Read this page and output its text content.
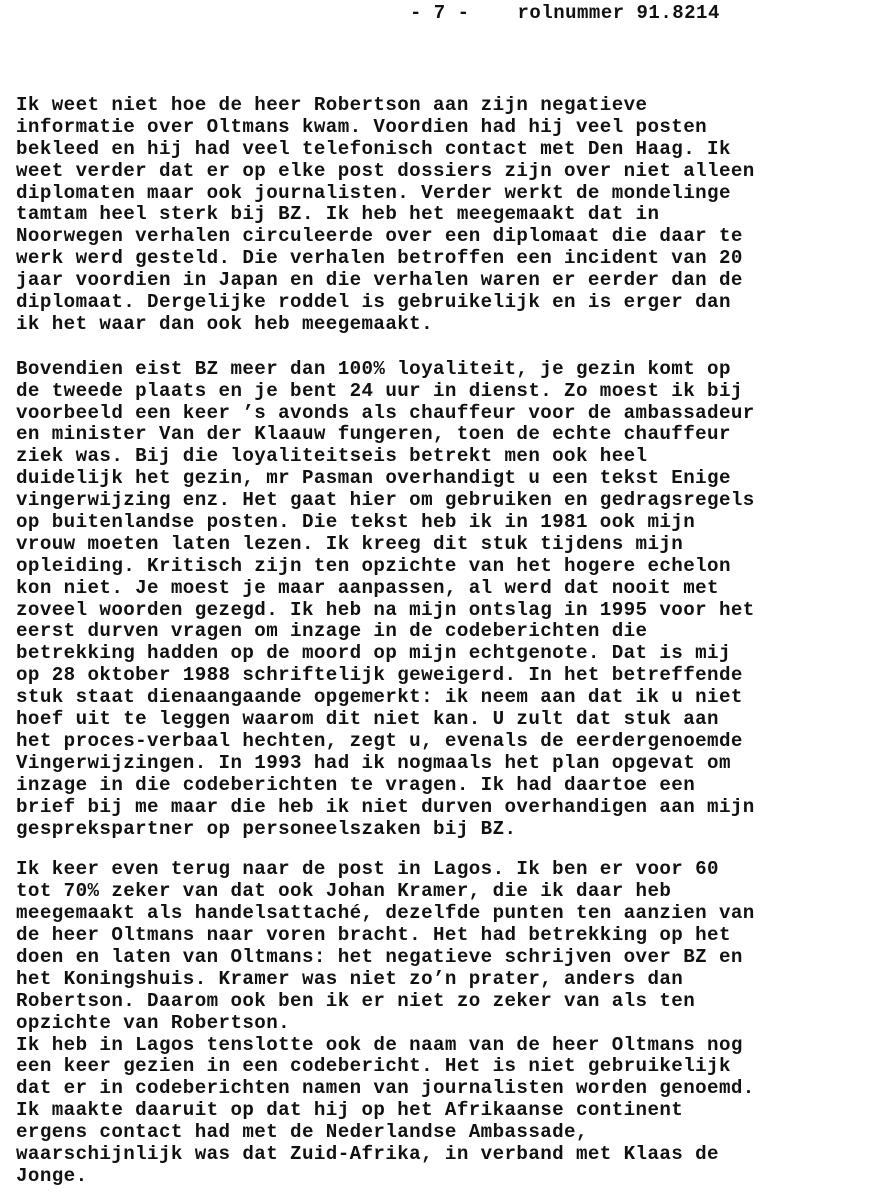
- 7 -	rolnummer 91.8214
Ik weet niet hoe de heer Robertson aan zijn negatieve
informatie over Oltmans kwam. Voordien had hij veel posten
bekleed en hij had veel telefonisch contact met Den Haag. Ik
weet verder dat er op elke post dossiers zijn over niet alleen
diplomaten maar ook journalisten. Verder werkt de mondelinge
tamtam heel sterk bij BZ. Ik heb het meegemaakt dat in
Noorwegen verhalen circuleerde over een diplomaat die daar te
werk werd gesteld. Die verhalen betroffen een incident van 20
jaar voordien in Japan en die verhalen waren er eerder dan de
diplomaat. Dergelijke roddel is gebruikelijk en is erger dan
ik het waar dan ook heb meegemaakt.
Bovendien eist BZ meer dan 100% loyaliteit, je gezin komt op
de tweede plaats en je bent 24 uur in dienst. Zo moest ik bij
voorbeeld een keer ’s avonds als chauffeur voor de ambassadeur
en minister Van der Klaauw fungeren, toen de echte chauffeur
ziek was. Bij die loyaliteitseis betrekt men ook heel
duidelijk het gezin, mr Pasman overhandigt u een tekst Enige
vingerwijzing enz. Het gaat hier om gebruiken en gedragsregels
op buitenlandse posten. Die tekst heb ik in 1981 ook mijn
vrouw moeten laten lezen. Ik kreeg dit stuk tijdens mijn
opleiding. Kritisch zijn ten opzichte van het hogere echelon
kon niet. Je moest je maar aanpassen, al werd dat nooit met
zoveel woorden gezegd. Ik heb na mijn ontslag in 1995 voor het
eerst durven vragen om inzage in de codeberichten die
betrekking hadden op de moord op mijn echtgenote. Dat is mij
op 28 oktober 1988 schriftelijk geweigerd. In het betreffende
stuk staat dienaangaande opgemerkt: ik neem aan dat ik u niet
hoef uit te leggen waarom dit niet kan. U zult dat stuk aan
het proces-verbaal hechten, zegt u, evenals de eerdergenoemde
Vingerwijzingen. In 1993 had ik nogmaals het plan opgevat om
inzage in die codeberichten te vragen. Ik had daartoe een
brief bij me maar die heb ik niet durven overhandigen aan mijn
gesprekspartner op personeelszaken bij BZ.
Ik keer even terug naar de post in Lagos. Ik ben er voor 60
tot 70% zeker van dat ook Johan Kramer, die ik daar heb
meegemaakt als handelsattaché, dezelfde punten ten aanzien van
de heer Oltmans naar voren bracht. Het had betrekking op het
doen en laten van Oltmans: het negatieve schrijven over BZ en
het Koningshuis. Kramer was niet zo’n prater, anders dan
Robertson. Daarom ook ben ik er niet zo zeker van als ten
opzichte van Robertson.
Ik heb in Lagos tenslotte ook de naam van de heer Oltmans nog
een keer gezien in een codebericht. Het is niet gebruikelijk
dat er in codeberichten namen van journalisten worden genoemd.
Ik maakte daaruit op dat hij op het Afrikaanse continent
ergens contact had met de Nederlandse Ambassade,
waarschijnlijk was dat Zuid-Afrika, in verband met Klaas de
Jonge.
